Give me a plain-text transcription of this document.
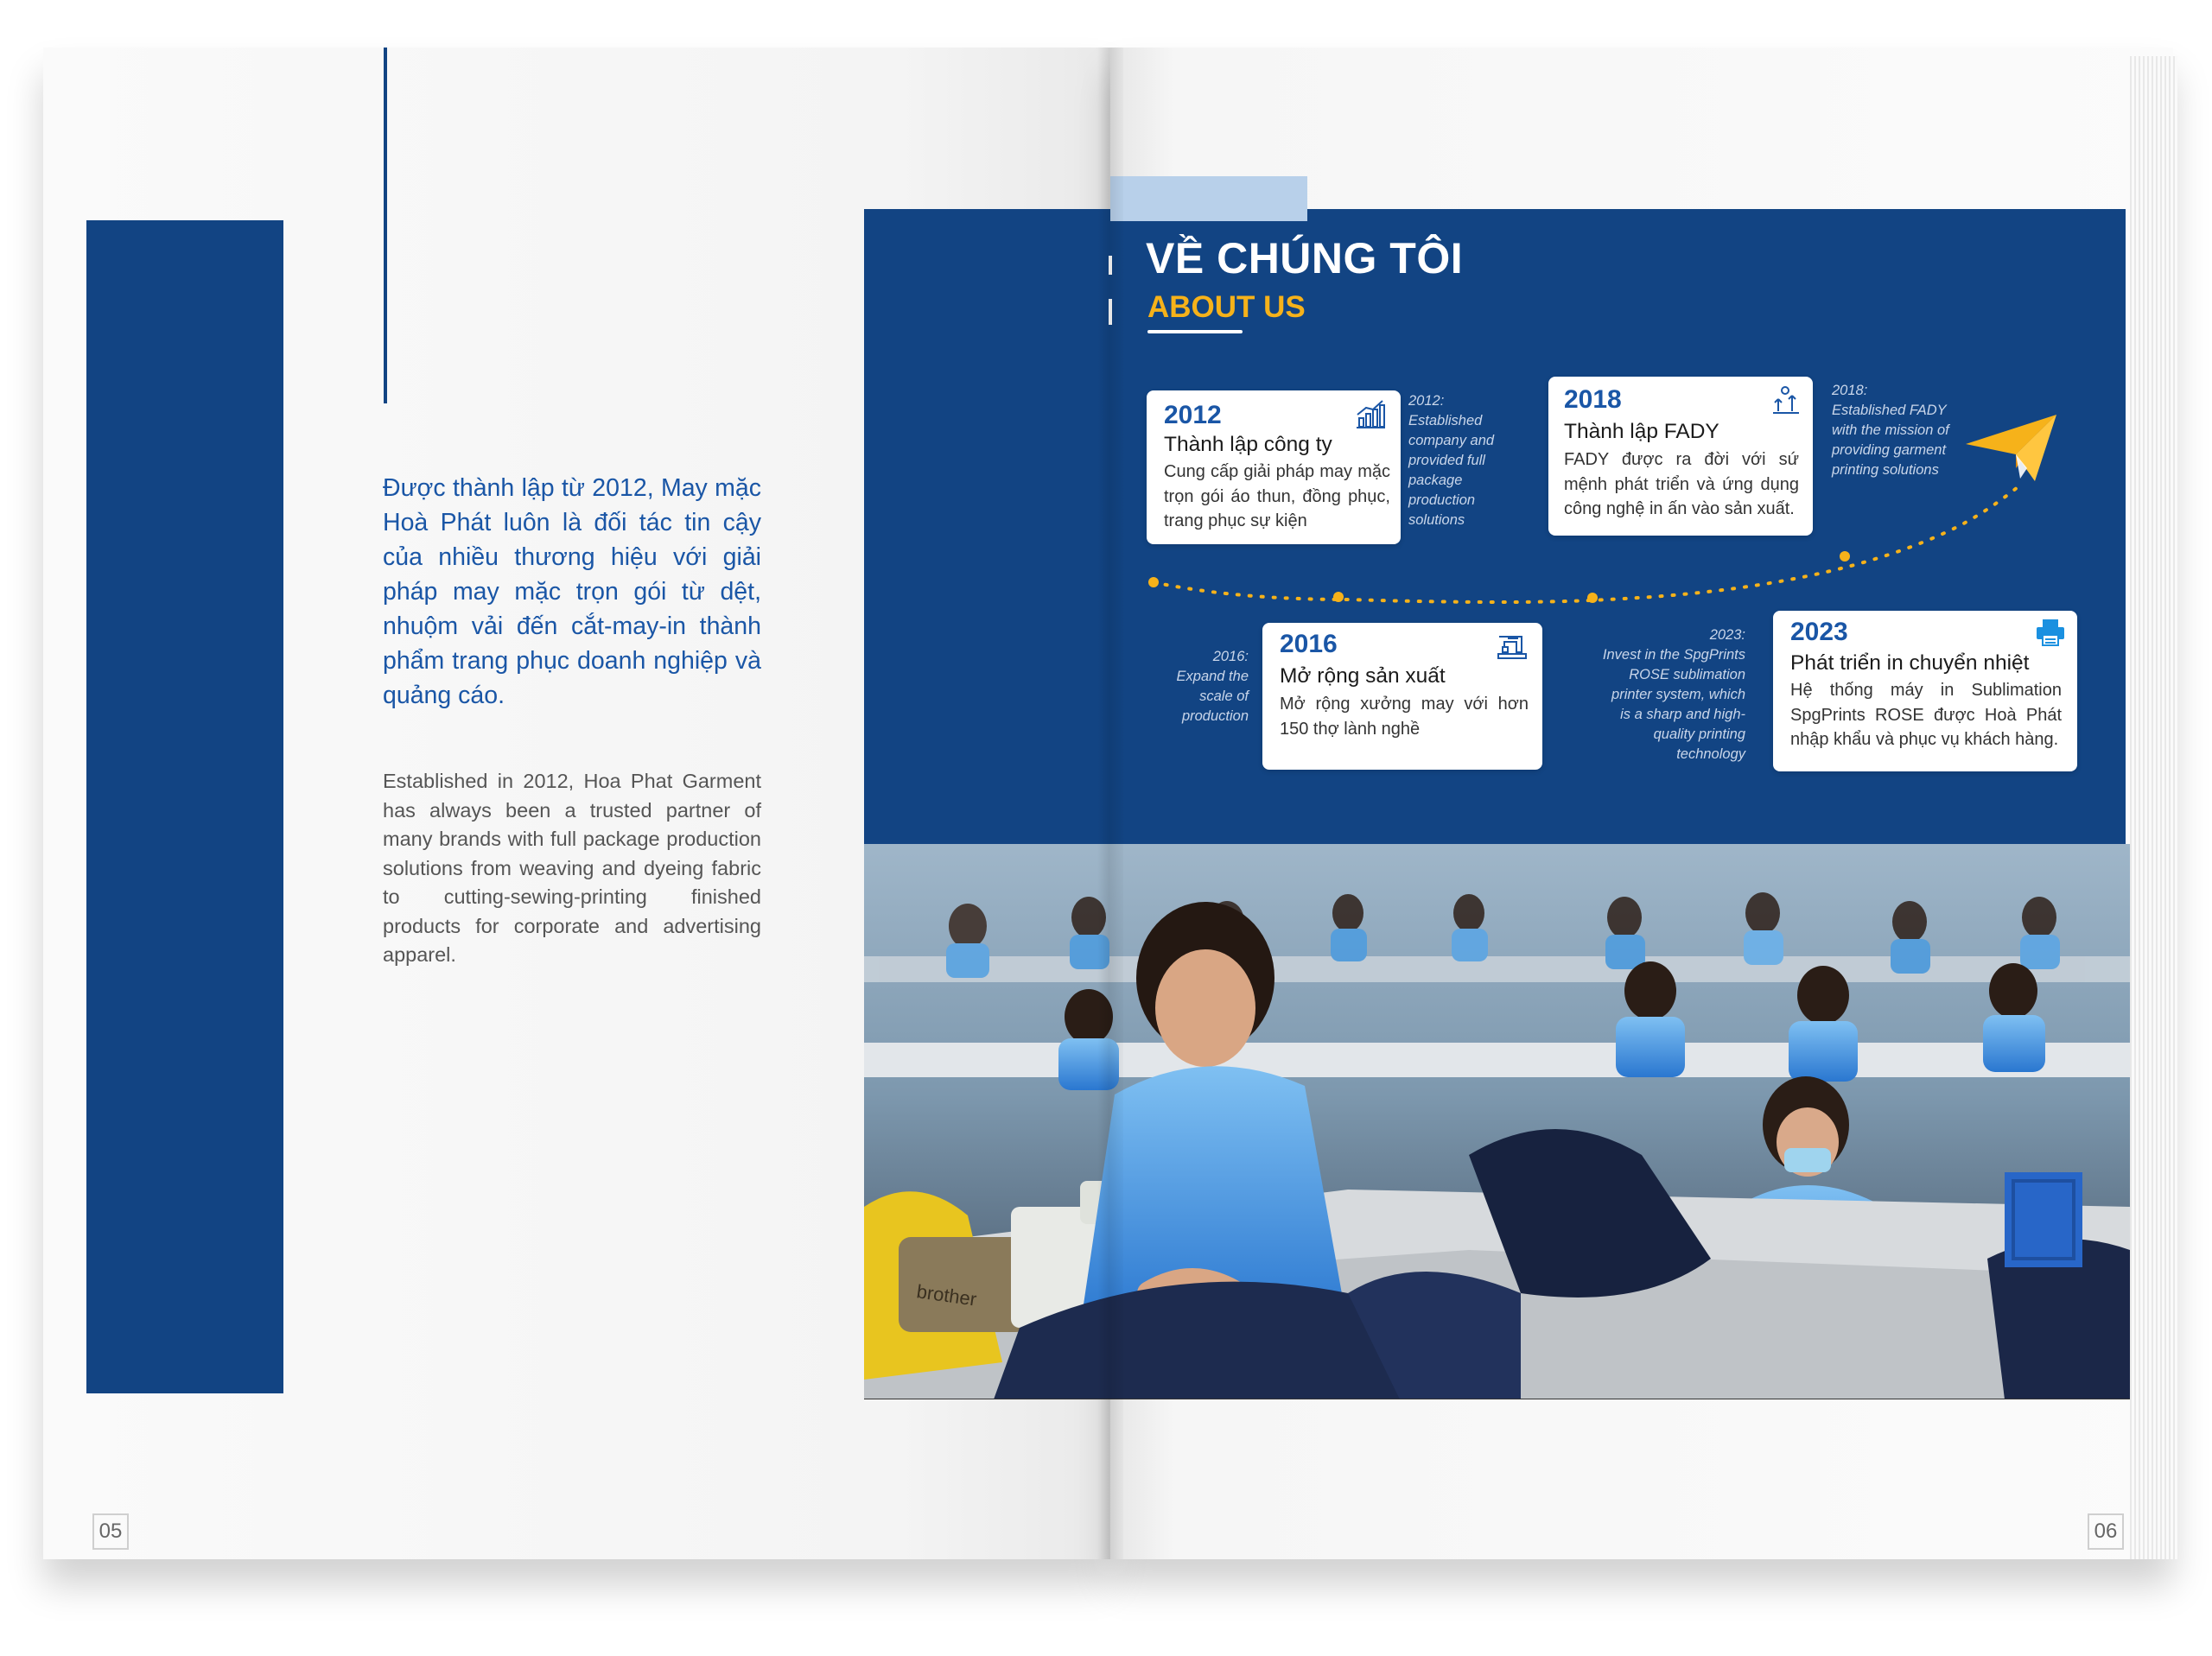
Được thành lập từ 2012, May mặc Hoà Phát luôn là đối tác tin cậy của nhiều thương hiệu với giải pháp may mặc trọn gói từ dệt, nhuộm vải đến cắt-may-in thành phẩm trang phục doanh nghiệp và quảng cáo.
Established in 2012, Hoa Phat Garment has always been a trusted partner of many brands with full package production solutions from weaving and dyeing fabric to cutting-sewing-printing finished products for corporate and advertising apparel.
05
VỀ CHÚNG TÔI
ABOUT US
2012
Thành lập công ty
Cung cấp giải pháp may mặc trọn gói áo thun, đồng phục, trang phục sự kiện
2012:
Established
company and
provided full
package
production
solutions
2018
Thành lập FADY
FADY được ra đời với sứ mệnh phát triển và ứng dụng công nghệ in ấn vào sản xuất.
2018:
Established FADY
with the mission of
providing garment
printing solutions
2016
Mở rộng sản xuất
Mở rộng xưởng may với hơn 150 thợ lành nghề
2016:
Expand the
scale of
production
2023
Phát triển in chuyển nhiệt
Hệ thống máy in Sublimation SpgPrints ROSE được Hoà Phát nhập khẩu và phục vụ khách hàng.
2023:
Invest in the SpgPrints
ROSE sublimation
printer system, which
is a sharp and high-
quality printing
technology
brother
06
